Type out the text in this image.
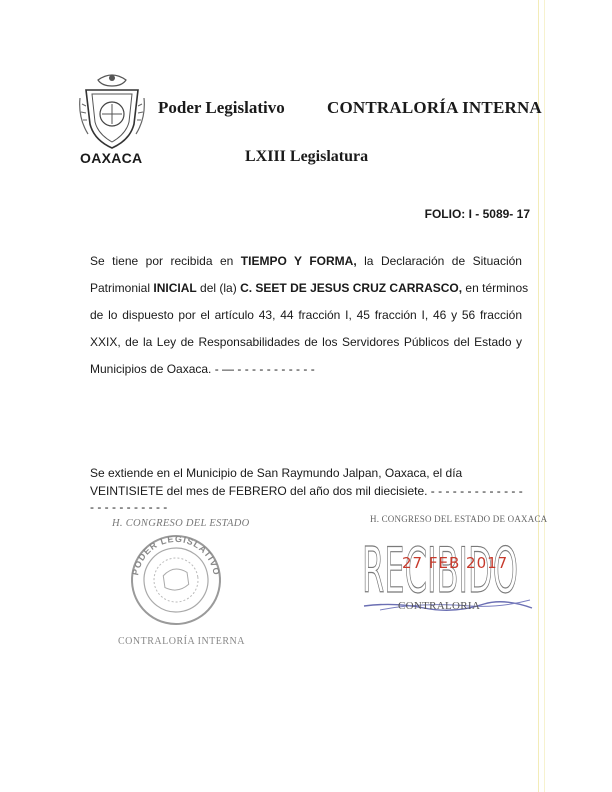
OAXACA
Poder Legislativo CONTRALORÍA INTERNA
LXIII Legislatura
FOLIO: I - 5089- 17
Se tiene por recibida en TIEMPO Y FORMA, la Declaración de Situación
Patrimonial INICIAL del (la) C. SEET DE JESUS CRUZ CARRASCO, en términos
de lo dispuesto por el artículo 43, 44 fracción I, 45 fracción I, 46 y 56 fracción
XXIX, de la Ley de Responsabilidades de los Servidores Públicos del Estado y
Municipios de Oaxaca. - — - - - - - - - - - - -
Se extiende en el Municipio de San Raymundo Jalpan, Oaxaca, el día
VEINTISIETE del mes de FEBRERO del año dos mil diecisiete. - - - - - - - - - - - - -
- - - - - - - - - - -
H. CONGRESO DEL ESTADO
PODER LEGISLATIVO
CONTRALORÍA INTERNA
H. CONGRESO DEL ESTADO DE OAXACA
RECIBIDO
27 FEB 2017
CONTRALORIA
